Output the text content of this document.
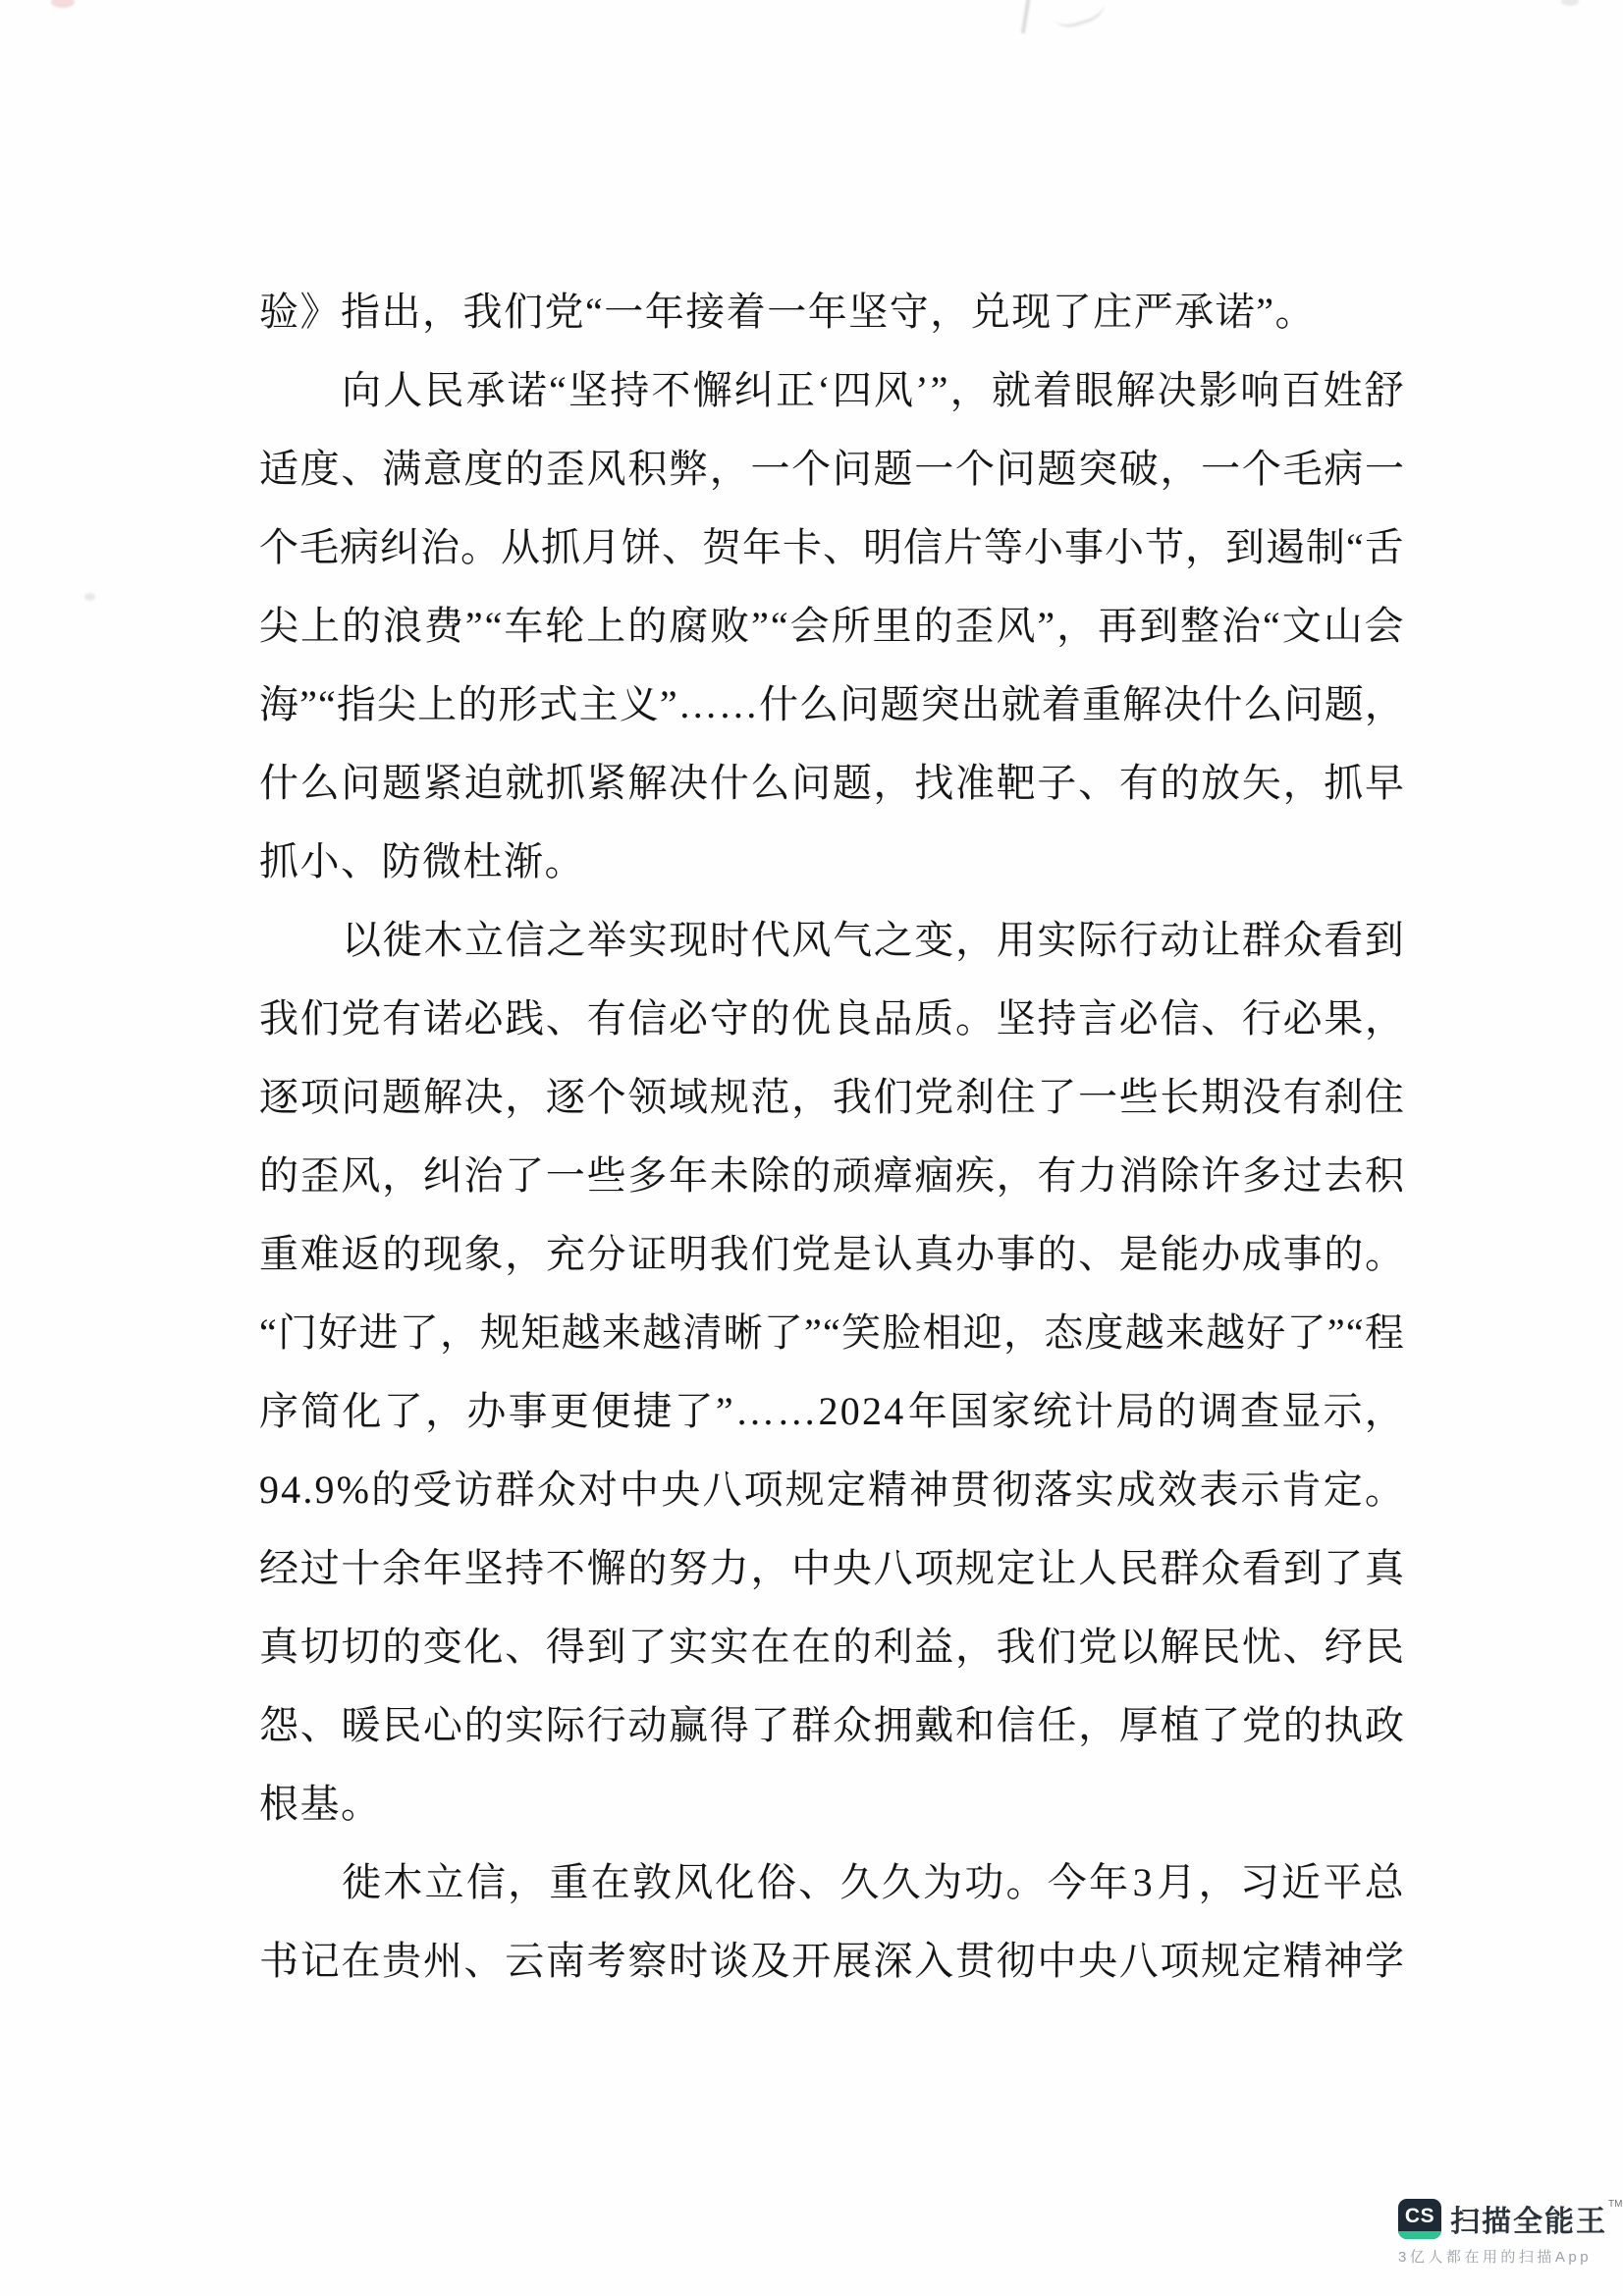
验》指出，我们党“一年接着一年坚守，兑现了庄严承诺”。
向 人 民 承 诺 “ 坚 持 不 懈 纠 正 ‘ 四 风 ’ ” ， 就 着 眼 解 决 影 响 百 姓 舒
适 度 、 满 意 度 的 歪 风 积 弊 ， 一 个 问 题 一 个 问 题 突 破 ， 一 个 毛 病 一
个 毛 病 纠 治 。 从 抓 月 饼 、 贺 年 卡 、 明 信 片 等 小 事 小 节 ， 到 遏 制 “ 舌
尖 上 的 浪 费 ” “ 车 轮 上 的 腐 败 ” “ 会 所 里 的 歪 风 ” ， 再 到 整 治 “ 文 山 会
海 ” “ 指 尖 上 的 形 式 主 义 ” … … 什 么 问 题 突 出 就 着 重 解 决 什 么 问 题 ，
什 么 问 题 紧 迫 就 抓 紧 解 决 什 么 问 题 ， 找 准 靶 子 、 有 的 放 矢 ， 抓 早
抓小、防微杜渐。
以 徙 木 立 信 之 举 实 现 时 代 风 气 之 变 ， 用 实 际 行 动 让 群 众 看 到
我 们 党 有 诺 必 践 、 有 信 必 守 的 优 良 品 质 。 坚 持 言 必 信 、 行 必 果 ，
逐 项 问 题 解 决 ， 逐 个 领 域 规 范 ， 我 们 党 刹 住 了 一 些 长 期 没 有 刹 住
的 歪 风 ， 纠 治 了 一 些 多 年 未 除 的 顽 瘴 痼 疾 ， 有 力 消 除 许 多 过 去 积
重 难 返 的 现 象 ， 充 分 证 明 我 们 党 是 认 真 办 事 的 、 是 能 办 成 事 的 。
“ 门 好 进 了 ， 规 矩 越 来 越 清 晰 了 ” “ 笑 脸 相 迎 ， 态 度 越 来 越 好 了 ” “ 程
序 简 化 了 ， 办 事 更 便 捷 了 ” … … 2 0 2 4 年 国 家 统 计 局 的 调 查 显 示 ，
9 4 . 9 % 的 受 访 群 众 对 中 央 八 项 规 定 精 神 贯 彻 落 实 成 效 表 示 肯 定 。
经 过 十 余 年 坚 持 不 懈 的 努 力 ， 中 央 八 项 规 定 让 人 民 群 众 看 到 了 真
真 切 切 的 变 化 、 得 到 了 实 实 在 在 的 利 益 ， 我 们 党 以 解 民 忧 、 纾 民
怨 、 暖 民 心 的 实 际 行 动 赢 得 了 群 众 拥 戴 和 信 任 ， 厚 植 了 党 的 执 政
根基。
徙 木 立 信 ， 重 在 敦 风 化 俗 、 久 久 为 功 。 今 年 3 月 ， 习 近 平 总
书 记 在 贵 州 、 云 南 考 察 时 谈 及 开 展 深 入 贯 彻 中 央 八 项 规 定 精 神 学
CS 扫描全能王
TM
3亿人都在用的扫描App
